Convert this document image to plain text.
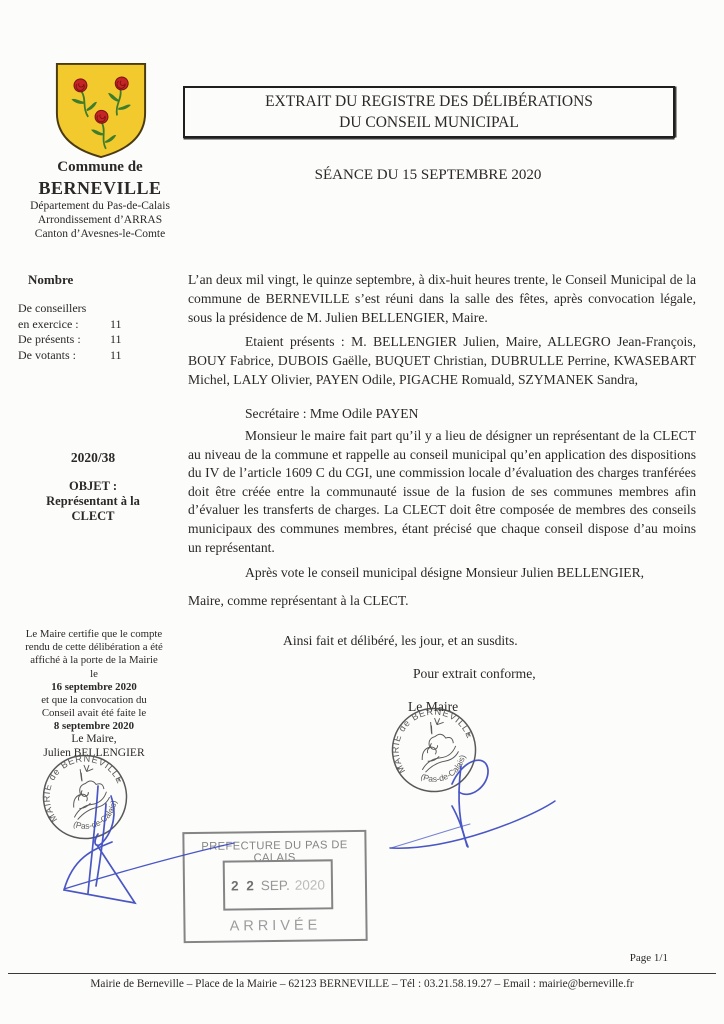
Commune de
BERNEVILLE
Département du Pas-de-Calais
Arrondissement d’ARRAS
Canton d’Avesnes-le-Comte
EXTRAIT DU REGISTRE DES DÉLIBÉRATIONS
DU CONSEIL MUNICIPAL
SÉANCE DU 15 SEPTEMBRE 2020
Nombre
De conseillers
en exercice :	11
De présents :	11
De votants :	11
2020/38
OBJET :
Représentant à la
CLECT
Le Maire certifie que le compte
rendu de cette délibération a été
affiché à la porte de la Mairie
le
16 septembre 2020
et que la convocation du
Conseil avait été faite le
8 septembre 2020
Le Maire,
Julien BELLENGIER
L’an deux mil vingt, le quinze septembre, à dix-huit heures trente, le Conseil Municipal de la commune de BERNEVILLE s’est réuni dans la salle des fêtes, après convocation légale, sous la présidence de M. Julien BELLENGIER, Maire.
Etaient présents : M. BELLENGIER Julien, Maire, ALLEGRO Jean-François, BOUY Fabrice, DUBOIS Gaëlle, BUQUET Christian, DUBRULLE Perrine, KWASEBART Michel, LALY Olivier, PAYEN Odile, PIGACHE Romuald, SZYMANEK Sandra,
Secrétaire : Mme Odile PAYEN
Monsieur le maire fait part qu’il y a lieu de désigner un représentant de la CLECT au niveau de la commune et rappelle au conseil municipal qu’en application des dispositions du IV de l’article 1609 C du CGI, une commission locale d’évaluation des charges tranférées doit être créée entre la communauté issue de la fusion de ses communes membres afin d’évaluer les transferts de charges. La CLECT doit être composée de membres des conseils municipaux des communes membres, étant précisé que chaque conseil dispose d’au moins un représentant.
Après vote le conseil municipal désigne Monsieur Julien BELLENGIER,
Maire, comme représentant à la CLECT.
Ainsi fait et délibéré, les jour, et an susdits.
Pour extrait conforme,
Le Maire
PREFECTURE DU PAS DE CALAIS
2 2 SEP. 2020
ARRIVÉE
Page 1/1
Mairie de Berneville – Place de la Mairie – 62123 BERNEVILLE – Tél : 03.21.58.19.27 – Email : mairie@berneville.fr
